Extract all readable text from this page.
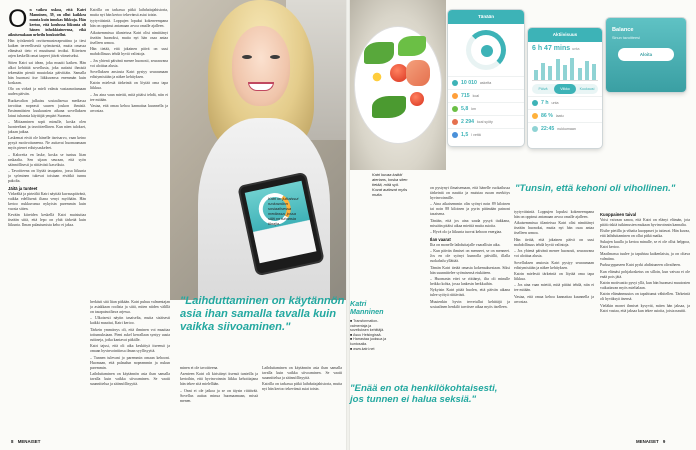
O n vaikea uskoa, että Katri Manninen, 39, on ollut kaikkea muuta kuin innokas liikkuja. Hän kertoo, että koulussa liikunta oli hänen inhokkiaineensa, eikä aikuisenakaan urheilu houkutellut.

Hän työskenteli ravitsemusterapeuttina ja tiesi kaiken terveellisestä syömisestä, mutta omassa elämässä tieto ei muuttunut teoiksi. Kiireisen arjen keskellä omat tarpeet jäivät viimeiseksi.

Sitten Katri sai idean, joka muutti kaiken. Hän alkoi kehittää sovellusta, joka auttaisi ihmisiä tekemään pieniä muutoksia päivittäin. Samalla hän huomasi itse liikkuvansa enemmän kuin koskaan.

Olo on virkeä ja mieli valmis vastaanottamaan uuden päivän.

Ruokavalion julkaisu sosiaalisessa mediassa tavoittaa nopeasti suuren joukon ihmisiä. Ensimmäisten kuukausien aikana sovelluksen latasi tuhansia käyttäjiä ympäri Suomea.

– Mittaaminen sopii minulle, koska olen luonteeltani ja tavoitteellinen. Kun näen tulokset, jaksan jatkaa.

Laskemat eivät ole hänelle itseisarvo, vaan keino pysyä motivoituneena. Ne auttavat huomaamaan myös pienet edistysaskeleet.

– Kaloreita en laske, koska se tuntuu liian raskaalta. Sen sijaan seuraan, että syön säännöllisesti ja riittävästi kasviksia.

– Tavoitteena on löytää tasapaino, jossa liikunta ja syöminen tukevat toisiaan eivätkä tunnu pakolta.

Jäitä ja tunteet

Virkeältä ja pirteältä Katri näyttää kuvauspäivänä, vaikka edellisenä iltana venyi myöhään. Hän kertoo nukkuvansa nykyisin paremmin kuin vuosia sitten.

Kevään kiireiden keskellä Katri muistuttaa itseään siitä, että lepo on yhtä tärkeää kuin liikunta. Ilman palautumista keho ei jaksa.

herkästi sitä liian pitkään. Katri puhuu valmentajan ja asiakkaan roolista ja siitä, miten niiden välillä on tasapainoiltava arjessa.

– Ulkoisesti näytin tasaiselta, mutta sisäisesti kaikki muuttui, Katri kertoo.

Tärkein ymmärrys oli, että ihminen voi muuttaa tottumuksiaan. Pieni askel kerrallaan syntyy uusia rutiineja, jotka kantavat pitkälle.

Katri tajusi, että oli aika keskittyä itseensä ja omaan hyvinvointiinsa ilman syyllisyyttä.

– Tunnen tulevani jo paremmin omaan kehooni. Huomaan, että palaudun nopeammin ja nukun paremmin.

Laihduttaminen on käytännön asia ihan samalla tavalla kuin vaikka siivoaminen. Se vaatii suunnittelua ja säännöllisyyttä.

Katrilla on tarkassa pitkä laihduttajahistoria, mutta nyt hän kertoo tekevänsä asiat toisin.

tyytyväisintä. Loppujen lopuksi kokeneempana hän on oppinut antamaan arvoa omalle ajalleen.

Aikaisemmissa tilanteissa Katri olisi nimittänyt itseään huonoksi, mutta nyt hän osaa antaa itselleen armoa.

Hän tietää, että jokainen päivä on uusi mahdollisuus tehdä hyviä valintoja.

– Jos yhtenä päivänä menee huonosti, seuraavana voi aloittaa alusta.

Sovelluksen ansiosta Katri pystyy seuraamaan edistymistään ja näkee kehityksen.

Katrin mielestä tärkeintä on löytää oma tapa liikkua.

– Jos aina vaan miettii, mitä pitäisi tehdä, niin ei tee mitään.

Vastaa, että omaa kehoa kannattaa kuunnella ja arvostaa.

Katri on julkaissut ruokavalion sosiaalisessa mediassa, jossa sillä on tuhansia tilaajia.

minen ei ole tavoitteena.

Asenteen Katri oli kiristänyt itsensä tunteilla ja kertoihin, että hyvinvoinnin liikku kehoittajana hän tekee sitä mielellään.

– Onni ei ole jatkoa ja se on täysin riittävää. Sovellus auttaa minua huomaamaan, missä menen.

Laihduttaminen on käytännön asia ihan samalla tavalla kuin vaikka siivoaminen. Se vaatii suunnittelua ja säännöllisyyttä.

Katrilla on tarkassa pitkä laihduttajahistoria, mutta nyt hän kertoo tekevänsä asiat toisin.

"Laihduttaminen on käytännön asia ihan samalla tavalla kuin vaikka siivoaminen."
Katri kuvaa kaikki aterians, koska siten tietää, mitä syö. Kuvat auttavat myös muita.
Tänään
10 010 askelta
715 kcal
5,8 km
2 294 kcal syöty
1,5 l vettä
Aktiivisuus
6 h 47 mins unta
Päivä	Viikko	Kuukausi
7 h unta
86 % laatu
22:45 nukkumaan
Balance
Sinun tavoitteesi
Aloita

on pystynyt ilmaisemaan, että hänelle ruokailussa tärkeintä on nauttia ja muistaa ruoan merkitys hyvinvoinnille.

– Aina aikaisemmin olin syönyt noin 89 kiloinen tai noin 88 kiloinen ja pyrin pitämään painoni tasaisena.

Tänään, että jos aina saada pysyä tiukkana, missään pitäisi aikaa miettiä muita asioita.

– Hyvä olo ja liikunta tuovat kehoon energiaa.

Ilan vaarat

Ilta on monelle laihduttajalle vaarallisin aika.

– Kun päivän ihmiset on menneet, se on menneet. Jos en ole syönyt kunnolla päivällä, illalla ruokahalu yllättää.

Tämän Katri tietää omasta kokemuksestaan. Siksi hän suunnittelee syömisensä etukäteen.

– Huomasin ettei se riittänyt, ilta oli minulle heikko kohta, jossa lankesin herkkuihin.

Nykyisin Katri pitää huolen, että päivän aikana tulee syötyä riittävästi.

Muutenkin hyvin tervetullut kehittäjä ja sosiaalinen henkilö tarvitsee aikaa myös itselleen.

tyytyväisintä. Loppujen lopuksi kokeneempana hän on oppinut antamaan arvoa omalle ajalleen.

Aikaisemmissa tilanteissa Katri olisi nimittänyt itseään huonoksi, mutta nyt hän osaa antaa itselleen armoa.

Hän tietää, että jokainen päivä on uusi mahdollisuus tehdä hyviä valintoja.

– Jos yhtenä päivänä menee huonosti, seuraavana voi aloittaa alusta.

Sovelluksen ansiosta Katri pystyy seuraamaan edistymistään ja näkee kehityksen.

Katrin mielestä tärkeintä on löytää oma tapa liikkua.

– Jos aina vaan miettii, mitä pitäisi tehdä, niin ei tee mitään.

Vastaa, että omaa kehoa kannattaa kuunnella ja arvostaa.

Kuoppainen taival

Voisi vaivaan sanoa, että Katri on elänyt elämän, jota pitää riskiä tutkimusten mukaan hyvinvoinnin kannalta.

Elsihe pietilla ja vihaita kuoppaset ja taitavat. Hän kuvaa, että laihduttaminen on ollut pitkä matka.

Sukujen kuulla ja kertoa minulle, se ei ole ollut helppoa, Katri kertoo.

Maailmassa tuulee ja tapahtuu kaikenlaista, ja on oltava valmiina.

Purkuryppaseen Katri pyrki ahdistuneen olivaiheen.

Kun elämäsi pohjakosketus on silloin, kun vaivaa ei ole enää pois jätä.

Katrin motivaatio pysyi yllä, kun hän huomasi muutosten vaikuttavan myös mielialaan.

Katrin elämänmuutos on tapahtunut vähitellen. Tärkeintä oli hyväksyä itsensä.

Vieläkin monet ihmiset kysyvät, miten hän jaksaa, ja Katri vastaa, että jaksaa kun tekee asioita, joista nauttii.

"Tunsin, että kehoni oli vihollinen."
Katri Manninen
■ Transformation-valmentaja ja sovelluksen kehittäjä.
■ Asuu Helsingissä.
■ Harrastaa juoksua ja kuntosalia.
■ www.katri.net
"Enää en ota henkilökohtaisesti, jos tunnen ei halua seksiä."
8 MENAISET	MENAISET 9
